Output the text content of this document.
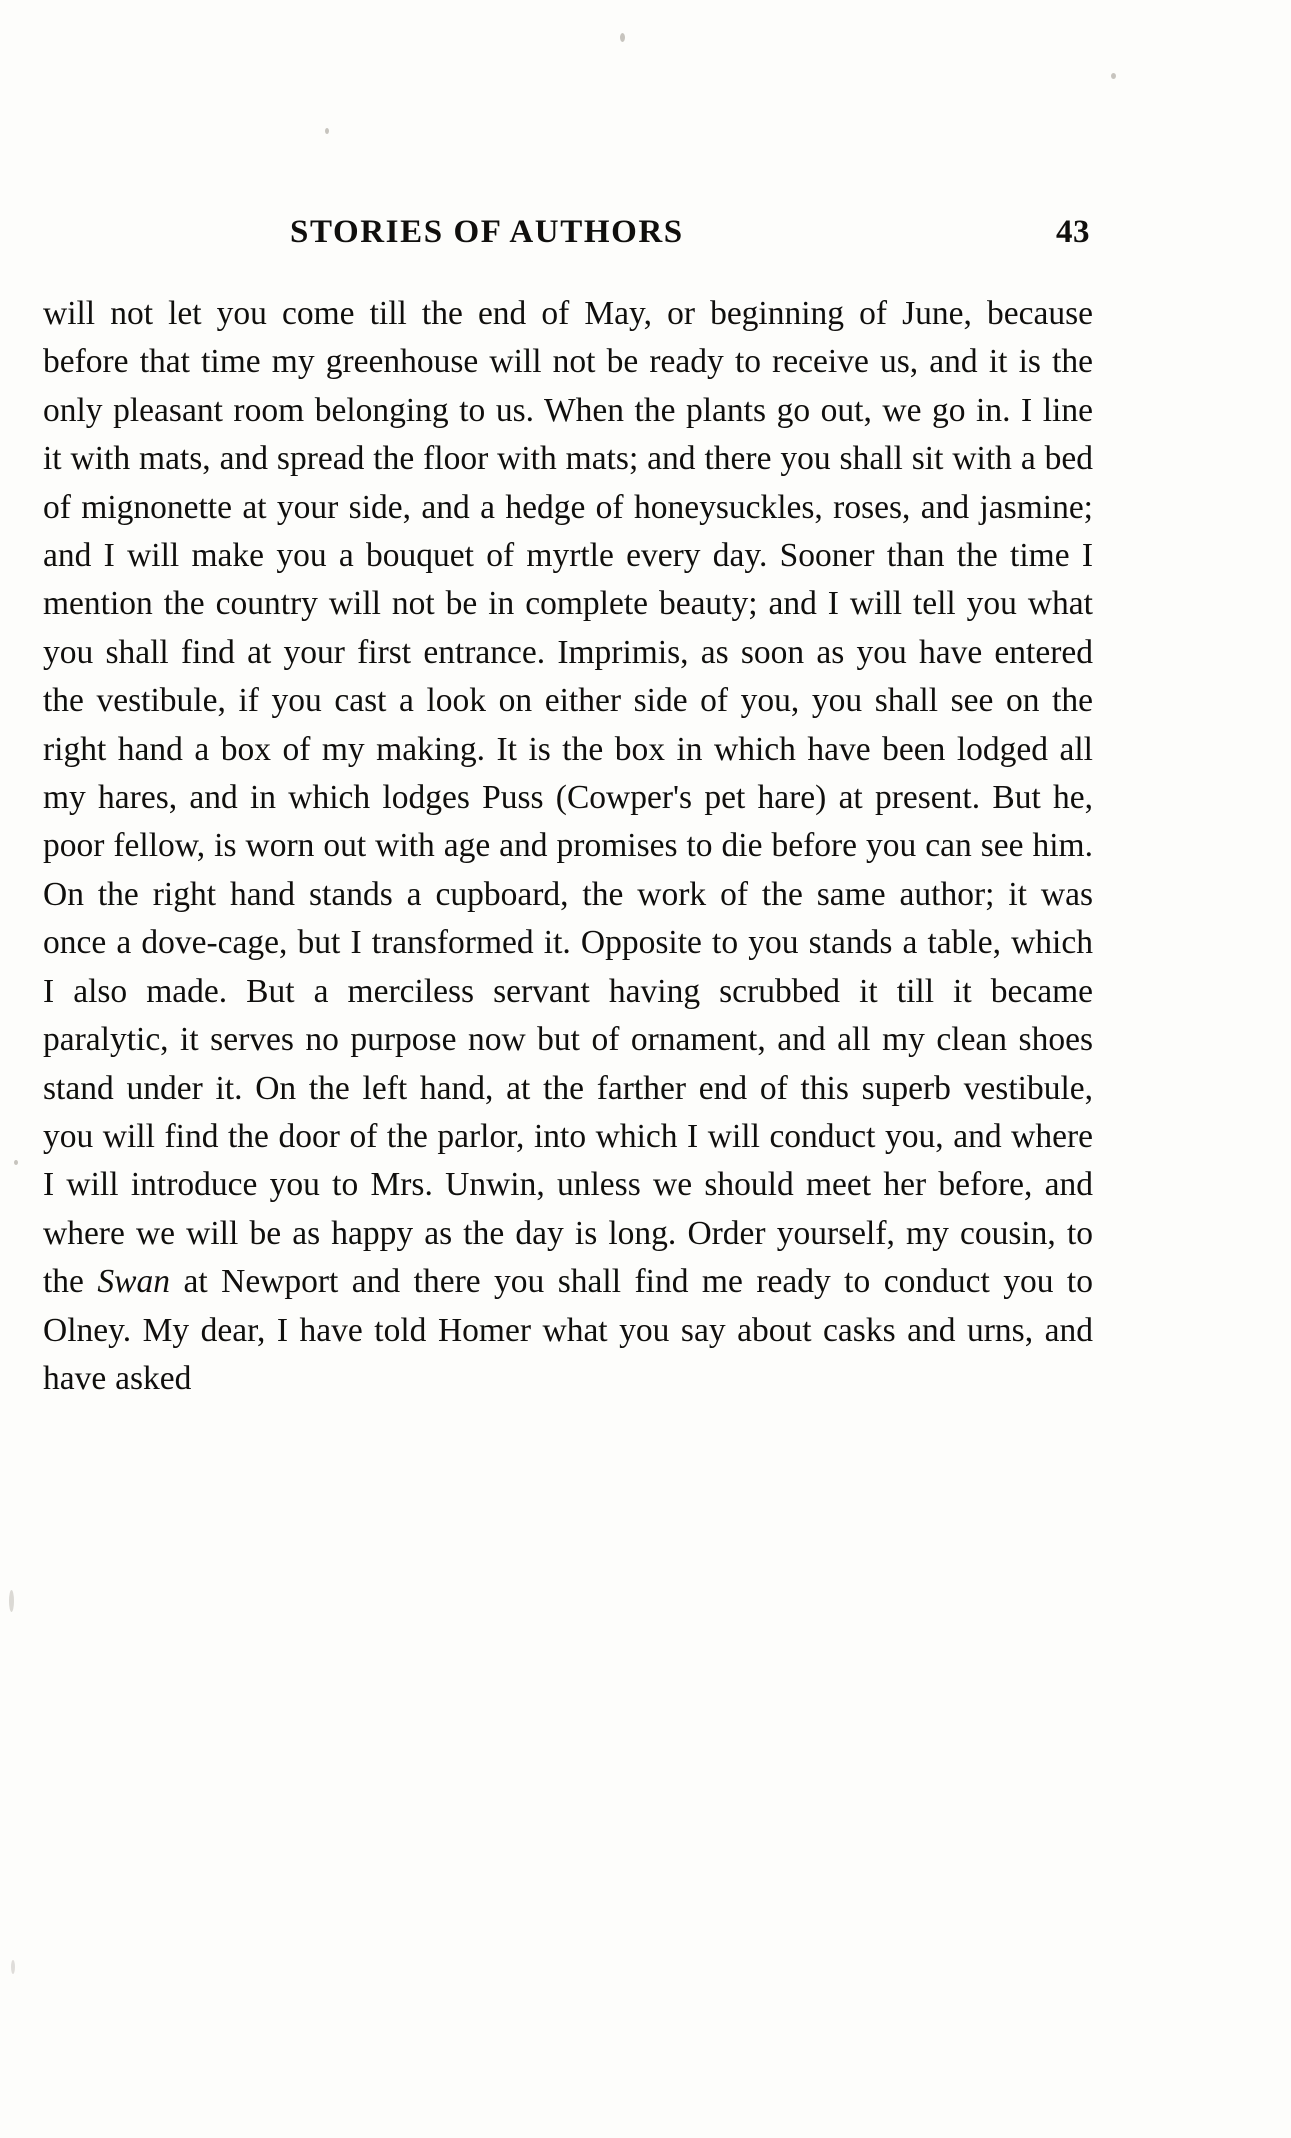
STORIES OF AUTHORS	43

will not let you come till the end of May, or beginning of June, because before that time my greenhouse will not be ready to receive us, and it is the only pleasant room belonging to us. When the plants go out, we go in. I line it with mats, and spread the floor with mats; and there you shall sit with a bed of mignonette at your side, and a hedge of honeysuckles, roses, and jasmine; and I will make you a bouquet of myrtle every day. Sooner than the time I mention the country will not be in complete beauty; and I will tell you what you shall find at your first entrance. Imprimis, as soon as you have entered the vestibule, if you cast a look on either side of you, you shall see on the right hand a box of my making. It is the box in which have been lodged all my hares, and in which lodges Puss (Cowper's pet hare) at present. But he, poor fellow, is worn out with age and promises to die before you can see him. On the right hand stands a cupboard, the work of the same author; it was once a dove-cage, but I transformed it. Opposite to you stands a table, which I also made. But a merciless servant having scrubbed it till it became paralytic, it serves no purpose now but of ornament, and all my clean shoes stand under it. On the left hand, at the farther end of this superb vestibule, you will find the door of the parlor, into which I will conduct you, and where I will introduce you to Mrs. Unwin, unless we should meet her before, and where we will be as happy as the day is long. Order yourself, my cousin, to the Swan at Newport and there you shall find me ready to conduct you to Olney. My dear, I have told Homer what you say about casks and urns, and have asked
